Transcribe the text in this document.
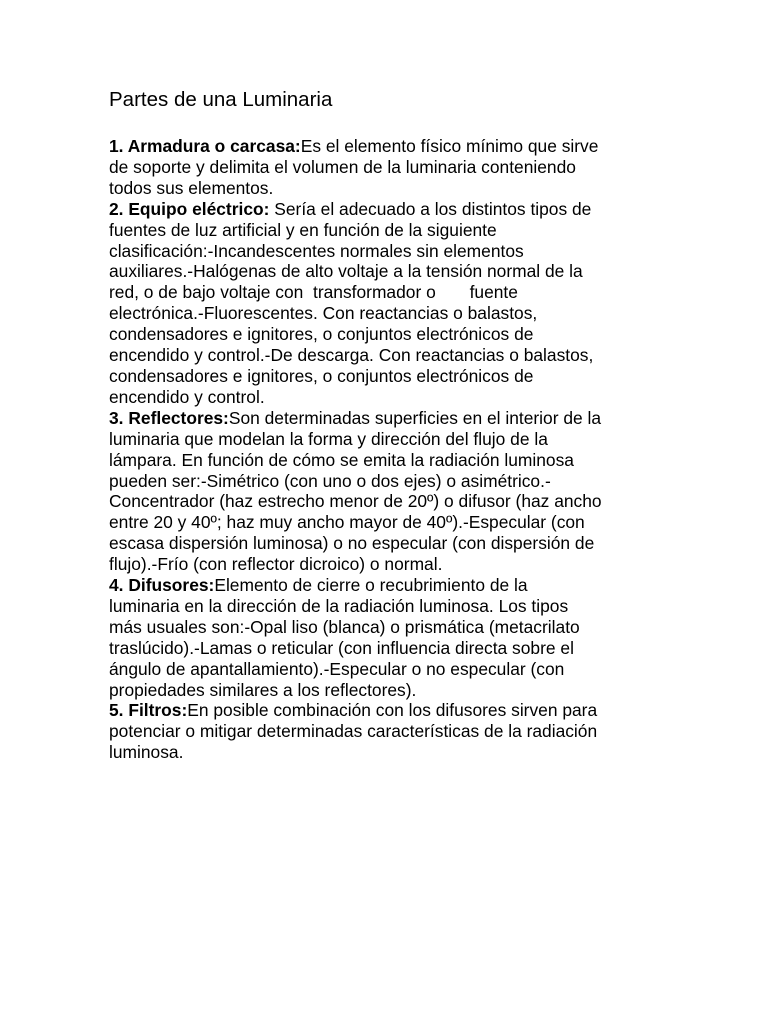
Partes de una Luminaria
1. Armadura o carcasa:Es el elemento físico mínimo que sirve
de soporte y delimita el volumen de la luminaria conteniendo
todos sus elementos.
2. Equipo eléctrico: Sería el adecuado a los distintos tipos de
fuentes de luz artificial y en función de la siguiente
clasificación:-Incandescentes normales sin elementos
auxiliares.-Halógenas de alto voltaje a la tensión normal de la
red, o de bajo voltaje con  transformador o       fuente
electrónica.-Fluorescentes. Con reactancias o balastos,
condensadores e ignitores, o conjuntos electrónicos de
encendido y control.-De descarga. Con reactancias o balastos,
condensadores e ignitores, o conjuntos electrónicos de
encendido y control.
3. Reflectores:Son determinadas superficies en el interior de la
luminaria que modelan la forma y dirección del flujo de la
lámpara. En función de cómo se emita la radiación luminosa
pueden ser:-Simétrico (con uno o dos ejes) o asimétrico.-
Concentrador (haz estrecho menor de 20º) o difusor (haz ancho
entre 20 y 40º; haz muy ancho mayor de 40º).-Especular (con
escasa dispersión luminosa) o no especular (con dispersión de
flujo).-Frío (con reflector dicroico) o normal.
4. Difusores:Elemento de cierre o recubrimiento de la
luminaria en la dirección de la radiación luminosa. Los tipos
más usuales son:-Opal liso (blanca) o prismática (metacrilato
traslúcido).-Lamas o reticular (con influencia directa sobre el
ángulo de apantallamiento).-Especular o no especular (con
propiedades similares a los reflectores).
5. Filtros:En posible combinación con los difusores sirven para
potenciar o mitigar determinadas características de la radiación
luminosa.
